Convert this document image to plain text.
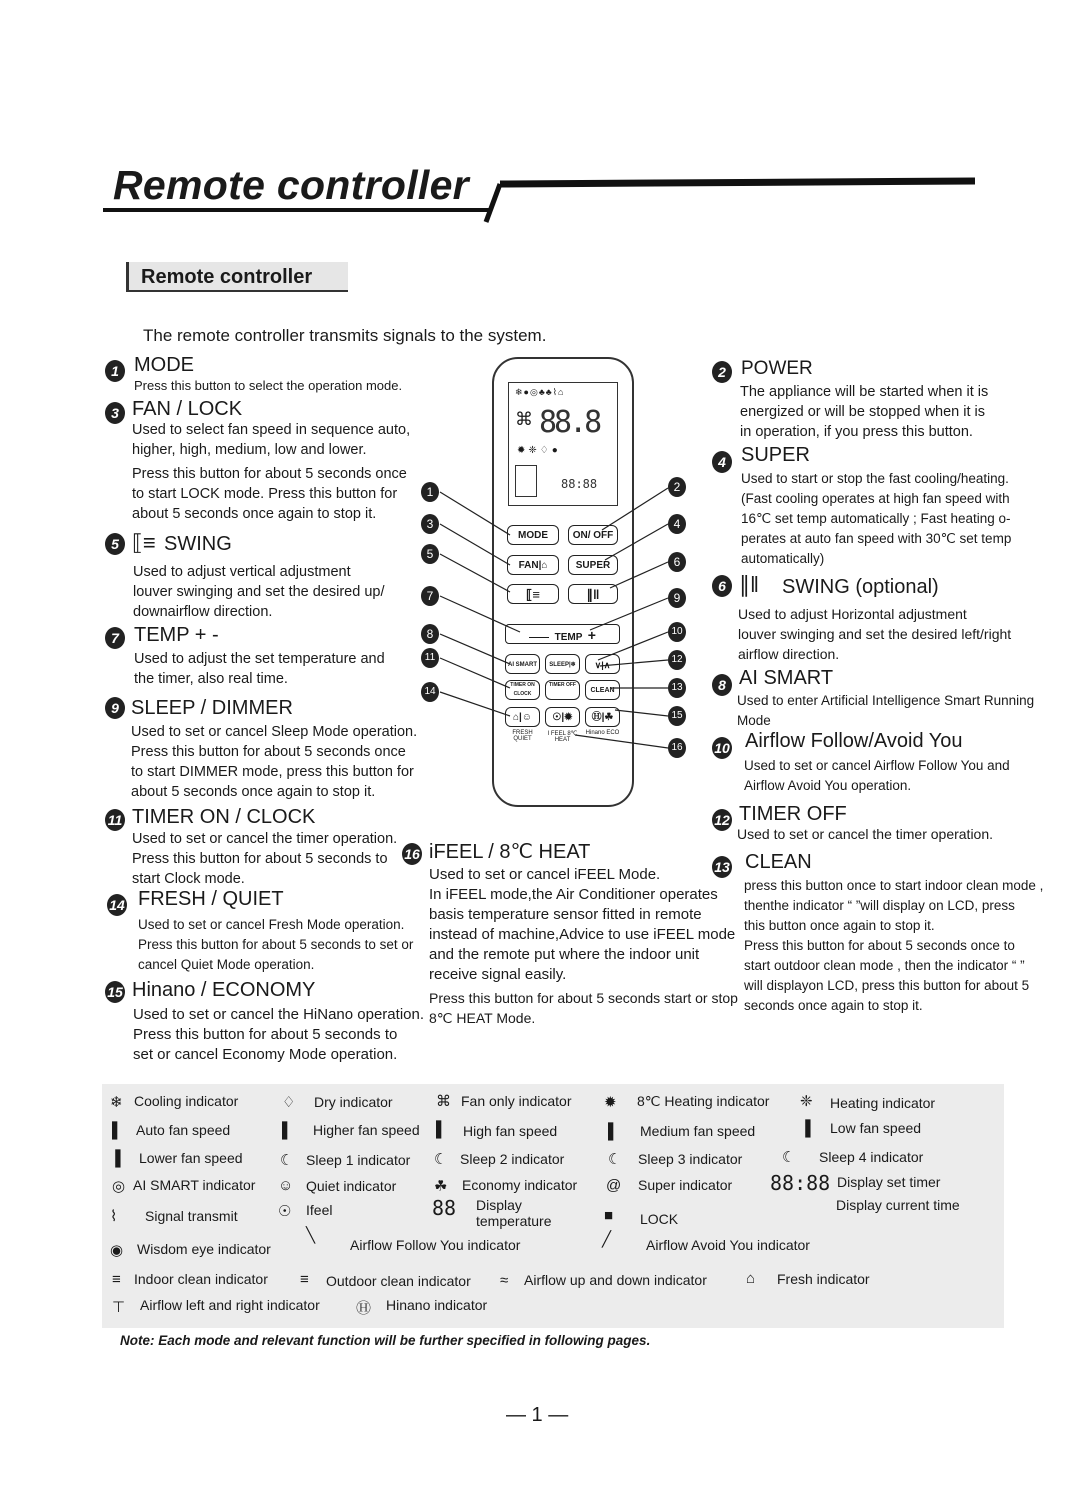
Remote controller
Remote controller
The remote controller transmits signals to the system.
1 MODE
Press this button to select the operation mode.
3 FAN / LOCK
Used to select fan speed in sequence auto,
higher, high, medium, low and lower.
Press this button for about 5 seconds once
to start LOCK mode. Press this button for
about 5 seconds once again to stop it.
5 ⟦≡ SWING
Used to adjust vertical adjustment
louver swinging and set the desired up/
downairflow direction.
7 TEMP + -
Used to adjust the set temperature and
the timer, also real time.
9 SLEEP / DIMMER
Used to set or cancel Sleep Mode operation.
Press this button for about 5 seconds once
to start DIMMER mode, press this button for
about 5 seconds once again to stop it.
11 TIMER ON / CLOCK
Used to set or cancel the timer operation.
Press this button for about 5 seconds to
start Clock mode.
14 FRESH / QUIET
Used to set or cancel Fresh Mode operation.
Press this button for about 5 seconds to set or
cancel Quiet Mode operation.
15 Hinano / ECONOMY
Used to set or cancel the HiNano operation.
Press this button for about 5 seconds to
set or cancel Economy Mode operation.
16 iFEEL / 8℃ HEAT
Used to set or cancel iFEEL Mode.
In iFEEL mode,the Air Conditioner operates
basis temperature sensor fitted in remote
instead of machine,Advice to use iFEEL mode
and the remote put where the indoor unit
receive signal easily.
Press this button for about 5 seconds start or stop
8℃ HEAT Mode.
2 POWER
The appliance will be started when it is
energized or will be stopped when it is
in operation, if you press this button.
4 SUPER
Used to start or stop the fast cooling/heating.
(Fast cooling operates at high fan speed with
16℃ set temp automatically ; Fast heating o-
perates at auto fan speed with 30℃ set temp
automatically)
6 ∥‖ SWING (optional)
Used to adjust Horizontal adjustment
louver swinging and set the desired left/right
airflow direction.
8 AI SMART
Used to enter Artificial Intelligence Smart Running
Mode
10 Airflow Follow/Avoid You
Used to set or cancel Airflow Follow You and
Airflow Avoid You operation.
12 TIMER OFF
Used to set or cancel the timer operation.
13 CLEAN
press this button once to start indoor clean mode ,
thenthe indicator “ ”will display on LCD, press
this button once again to stop it.
Press this button for about 5 seconds once to
start outdoor clean mode , then the indicator “ ”
will displayon LCD, press this button for about 5
seconds once again to stop it.
❄●◎♣♣⌇⌂
88.8
⌘
✹❈♢●
88:88
MODE	ON/ OFF
FAN|⌂	SUPER
⟦≡	∥‖
——  TEMP +
AI SMART	SLEEP|❄	∨|∧
TIMER ON CLOCK
TIMER OFF
CLEAN
⌂|☺	☉|✹	Ⓗ|☘
FRESH QUIET
I FEEL 8℃ HEAT
Hinano ECO
1	2
3	4
5
6
7	9
8	10
11	12
14	13
15
16
❄ Cooling indicator	♢ Dry indicator	⌘ Fan only indicator ✹ 8℃ Heating indicator ❈ Heating indicator
▌ Auto fan speed	▌ Higher fan speed ▌ High fan speed	▌ Medium fan speed	▐ Low fan speed
▐ Lower fan speed ☾ Sleep 1 indicator ☾ Sleep 2 indicator	☾ Sleep 3 indicator	☾ Sleep 4 indicator
◎ AI SMART indicator ☺ Quiet indicator	☘ Economy indicator @ Super indicator 88:88 Display set timer
Display current time
⌇ Signal transmit	☉ Ifeel	88 Display temperature	■ LOCK
◉ Wisdom eye indicator
╲
Airflow Follow You indicator	╱ Airflow Avoid You indicator
≡ Indoor clean indicator ≡ Outdoor clean indicator ≈ Airflow up and down indicator	⌂ Fresh indicator
⊤ Airflow left and right indicator Ⓗ Hinano indicator
Note: Each mode and relevant function will be further specified in following pages.
— 1 —
